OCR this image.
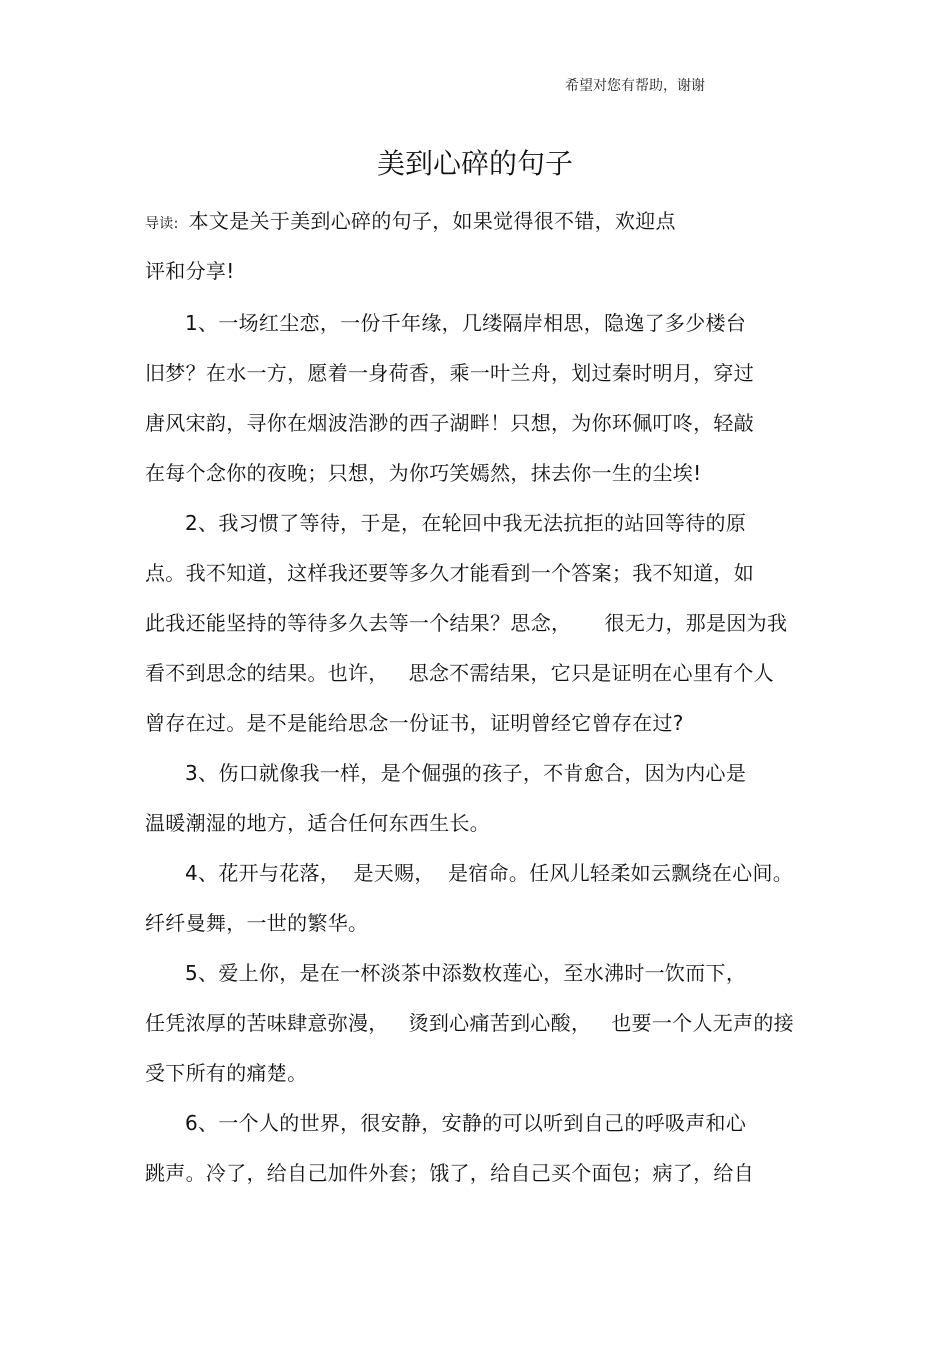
希望对您有帮助，谢谢
美到心碎的句子
导读: 本文是关于美到心碎的句子，如果觉得很不错，欢迎点
评和分享!
1、一场红尘恋，一份千年缘，几缕隔岸相思，隐逸了多少楼台
旧梦？在水一方，愿着一身荷香，乘一叶兰舟，划过秦时明月，穿过
唐风宋韵，寻你在烟波浩渺的西子湖畔！只想，为你环佩叮咚，轻敲
在每个念你的夜晚；只想，为你巧笑嫣然，抹去你一生的尘埃!
2、我习惯了等待，于是，在轮回中我无法抗拒的站回等待的原
点。我不知道，这样我还要等多久才能看到一个答案；我不知道，如
此我还能坚持的等待多久去等一个结果？思念，     很无力，那是因为我
看不到思念的结果。也许，   思念不需结果，它只是证明在心里有个人
曾存在过。是不是能给思念一份证书，证明曾经它曾存在过?
3、伤口就像我一样，是个倔强的孩子，不肯愈合，因为内心是
温暖潮湿的地方，适合任何东西生长。
4、花开与花落，  是天赐，  是宿命。任风儿轻柔如云飘绕在心间。
纤纤曼舞，一世的繁华。
5、爱上你，是在一杯淡茶中添数枚莲心，至水沸时一饮而下，
任凭浓厚的苦味肆意弥漫，   烫到心痛苦到心酸，   也要一个人无声的接
受下所有的痛楚。
6、一个人的世界，很安静，安静的可以听到自己的呼吸声和心
跳声。冷了，给自己加件外套；饿了，给自己买个面包；病了，给自
